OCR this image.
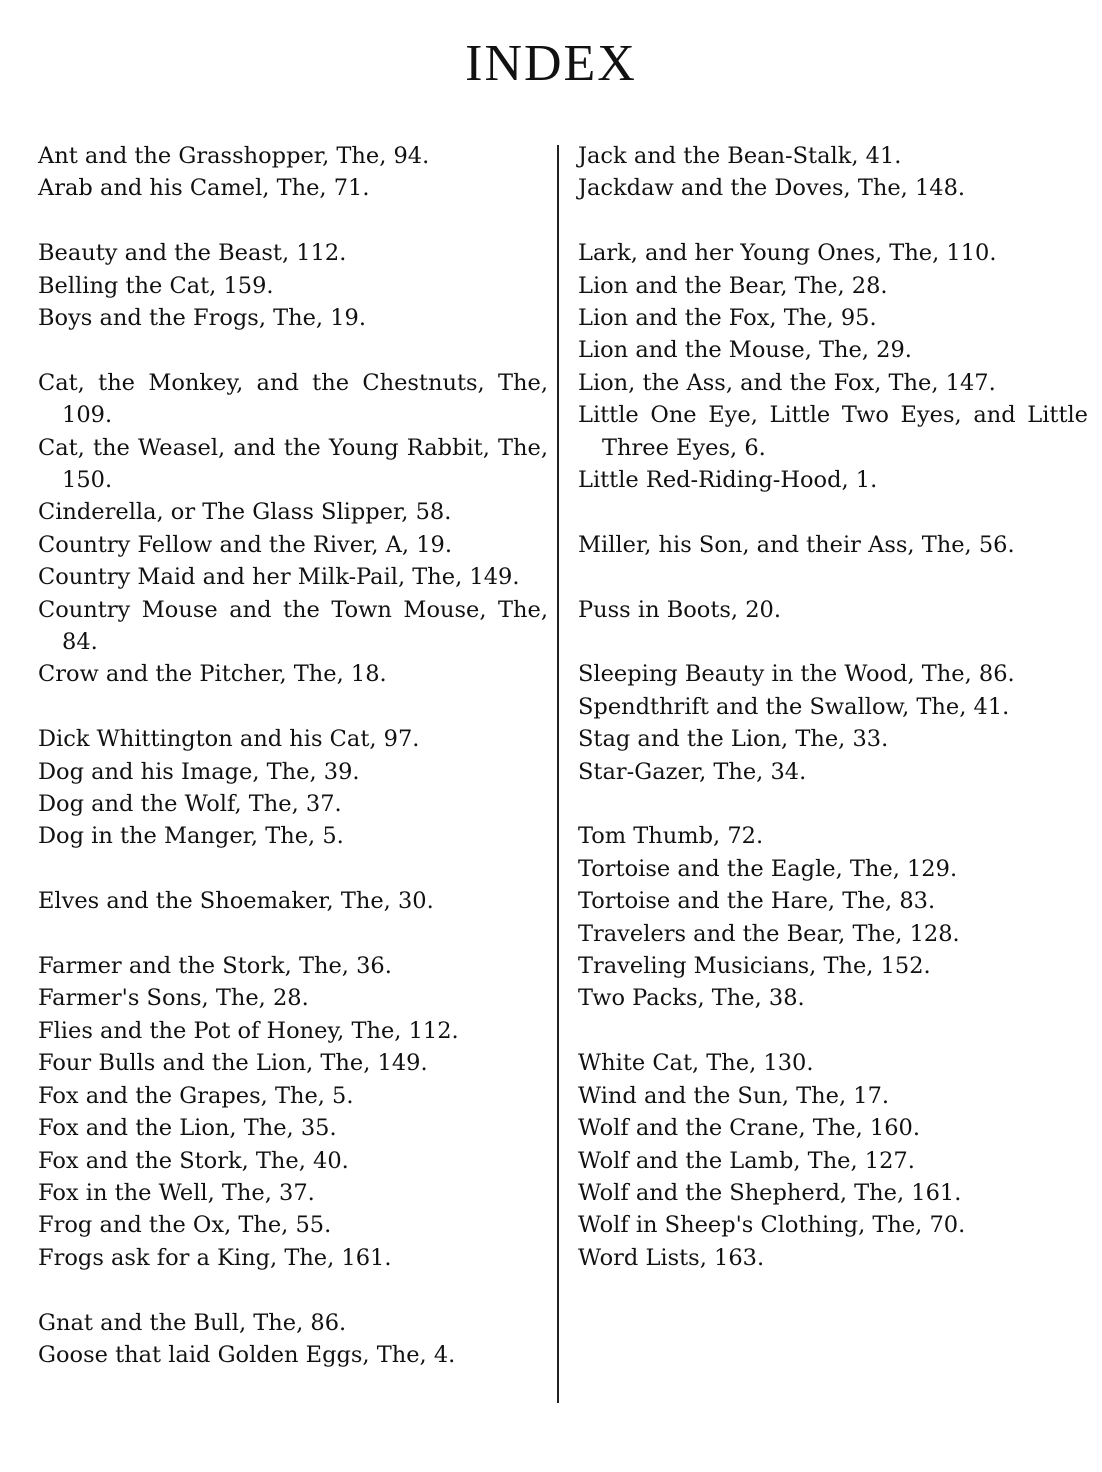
INDEX
Ant and the Grasshopper, The, 94.
Arab and his Camel, The, 71.
Beauty and the Beast, 112.
Belling the Cat, 159.
Boys and the Frogs, The, 19.
Cat, the Monkey, and the Chestnuts, The, 109.
Cat, the Weasel, and the Young Rabbit, The, 150.
Cinderella, or The Glass Slipper, 58.
Country Fellow and the River, A, 19.
Country Maid and her Milk-Pail, The, 149.
Country Mouse and the Town Mouse, The, 84.
Crow and the Pitcher, The, 18.
Dick Whittington and his Cat, 97.
Dog and his Image, The, 39.
Dog and the Wolf, The, 37.
Dog in the Manger, The, 5.
Elves and the Shoemaker, The, 30.
Farmer and the Stork, The, 36.
Farmer's Sons, The, 28.
Flies and the Pot of Honey, The, 112.
Four Bulls and the Lion, The, 149.
Fox and the Grapes, The, 5.
Fox and the Lion, The, 35.
Fox and the Stork, The, 40.
Fox in the Well, The, 37.
Frog and the Ox, The, 55.
Frogs ask for a King, The, 161.
Gnat and the Bull, The, 86.
Goose that laid Golden Eggs, The, 4.
Jack and the Bean-Stalk, 41.
Jackdaw and the Doves, The, 148.
Lark, and her Young Ones, The, 110.
Lion and the Bear, The, 28.
Lion and the Fox, The, 95.
Lion and the Mouse, The, 29.
Lion, the Ass, and the Fox, The, 147.
Little One Eye, Little Two Eyes, and Little Three Eyes, 6.
Little Red-Riding-Hood, 1.
Miller, his Son, and their Ass, The, 56.
Puss in Boots, 20.
Sleeping Beauty in the Wood, The, 86.
Spendthrift and the Swallow, The, 41.
Stag and the Lion, The, 33.
Star-Gazer, The, 34.
Tom Thumb, 72.
Tortoise and the Eagle, The, 129.
Tortoise and the Hare, The, 83.
Travelers and the Bear, The, 128.
Traveling Musicians, The, 152.
Two Packs, The, 38.
White Cat, The, 130.
Wind and the Sun, The, 17.
Wolf and the Crane, The, 160.
Wolf and the Lamb, The, 127.
Wolf and the Shepherd, The, 161.
Wolf in Sheep's Clothing, The, 70.
Word Lists, 163.
